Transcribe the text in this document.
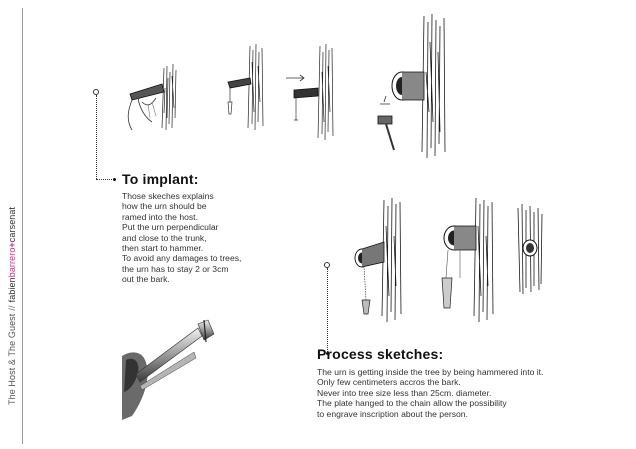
The Host & The Guest//fabienbarrero+carsenat
To implant:
Those skeches explains
how the urn should be
ramed into the host.
Put the urn perpendicular
and close to the trunk,
then start to hammer.
To avoid any damages to trees,
the urn has to stay 2 or 3cm
out the bark.
Process sketches:
The urn is getting inside the tree by being hammered into it.
Only few centimeters accros the bark.
Never into tree size less than 25cm. diameter.
The plate hanged to the chain allow the possibility
to engrave inscription about the person.
